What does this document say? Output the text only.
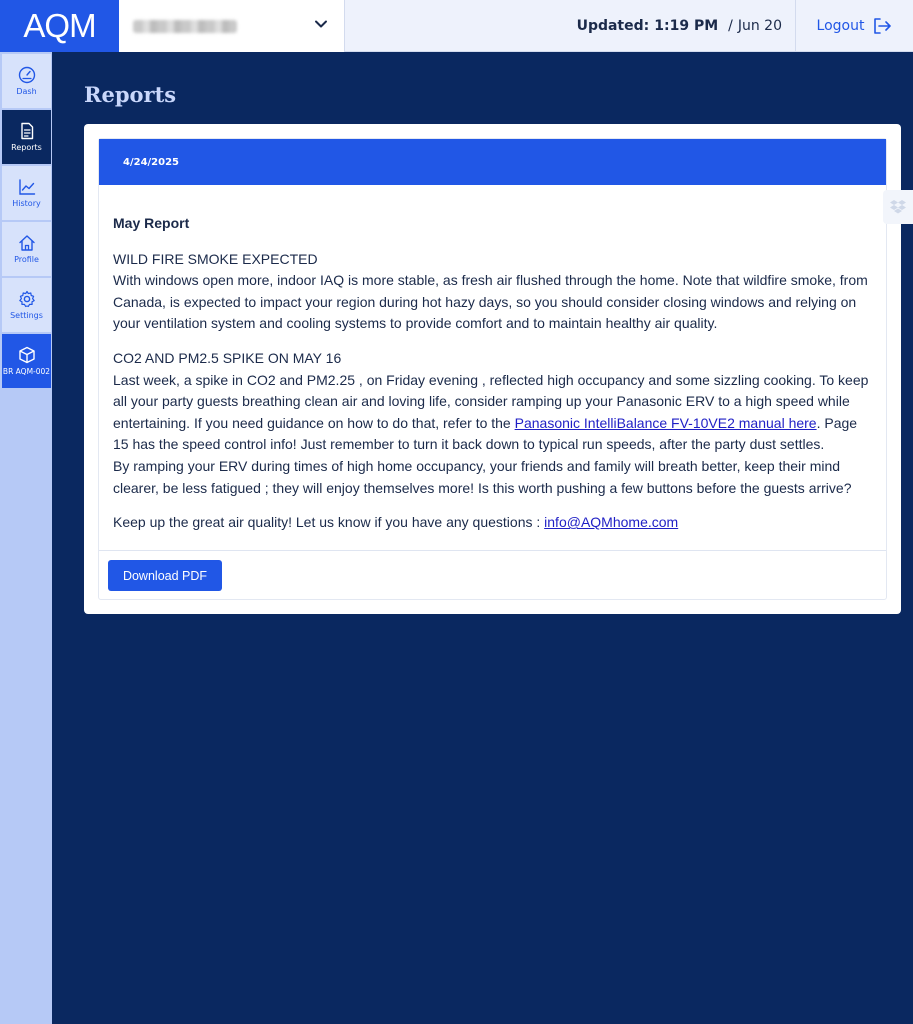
AQM	Updated: 1:19 PM / Jun 20 Logout
Dash
Reports
History
Profile
Settings
BR AQM-002
Reports
4/24/2025
May Report
WILD FIRE SMOKE EXPECTED
With windows open more, indoor IAQ is more stable, as fresh air flushed through the home. Note that wildfire smoke, from Canada, is expected to impact your region during hot hazy days, so you should consider closing windows and relying on your ventilation system and cooling systems to provide comfort and to maintain healthy air quality.
CO2 AND PM2.5 SPIKE ON MAY 16
Last week, a spike in CO2 and PM2.25 , on Friday evening , reflected high occupancy and some sizzling cooking. To keep all your party guests breathing clean air and loving life, consider ramping up your Panasonic ERV to a high speed while entertaining. If you need guidance on how to do that, refer to the Panasonic IntelliBalance FV-10VE2 manual here. Page 15 has the speed control info! Just remember to turn it back down to typical run speeds, after the party dust settles.
By ramping your ERV during times of high home occupancy, your friends and family will breath better, keep their mind clearer, be less fatigued ; they will enjoy themselves more! Is this worth pushing a few buttons before the guests arrive?
Keep up the great air quality! Let us know if you have any questions : info@AQMhome.com
Download PDF
